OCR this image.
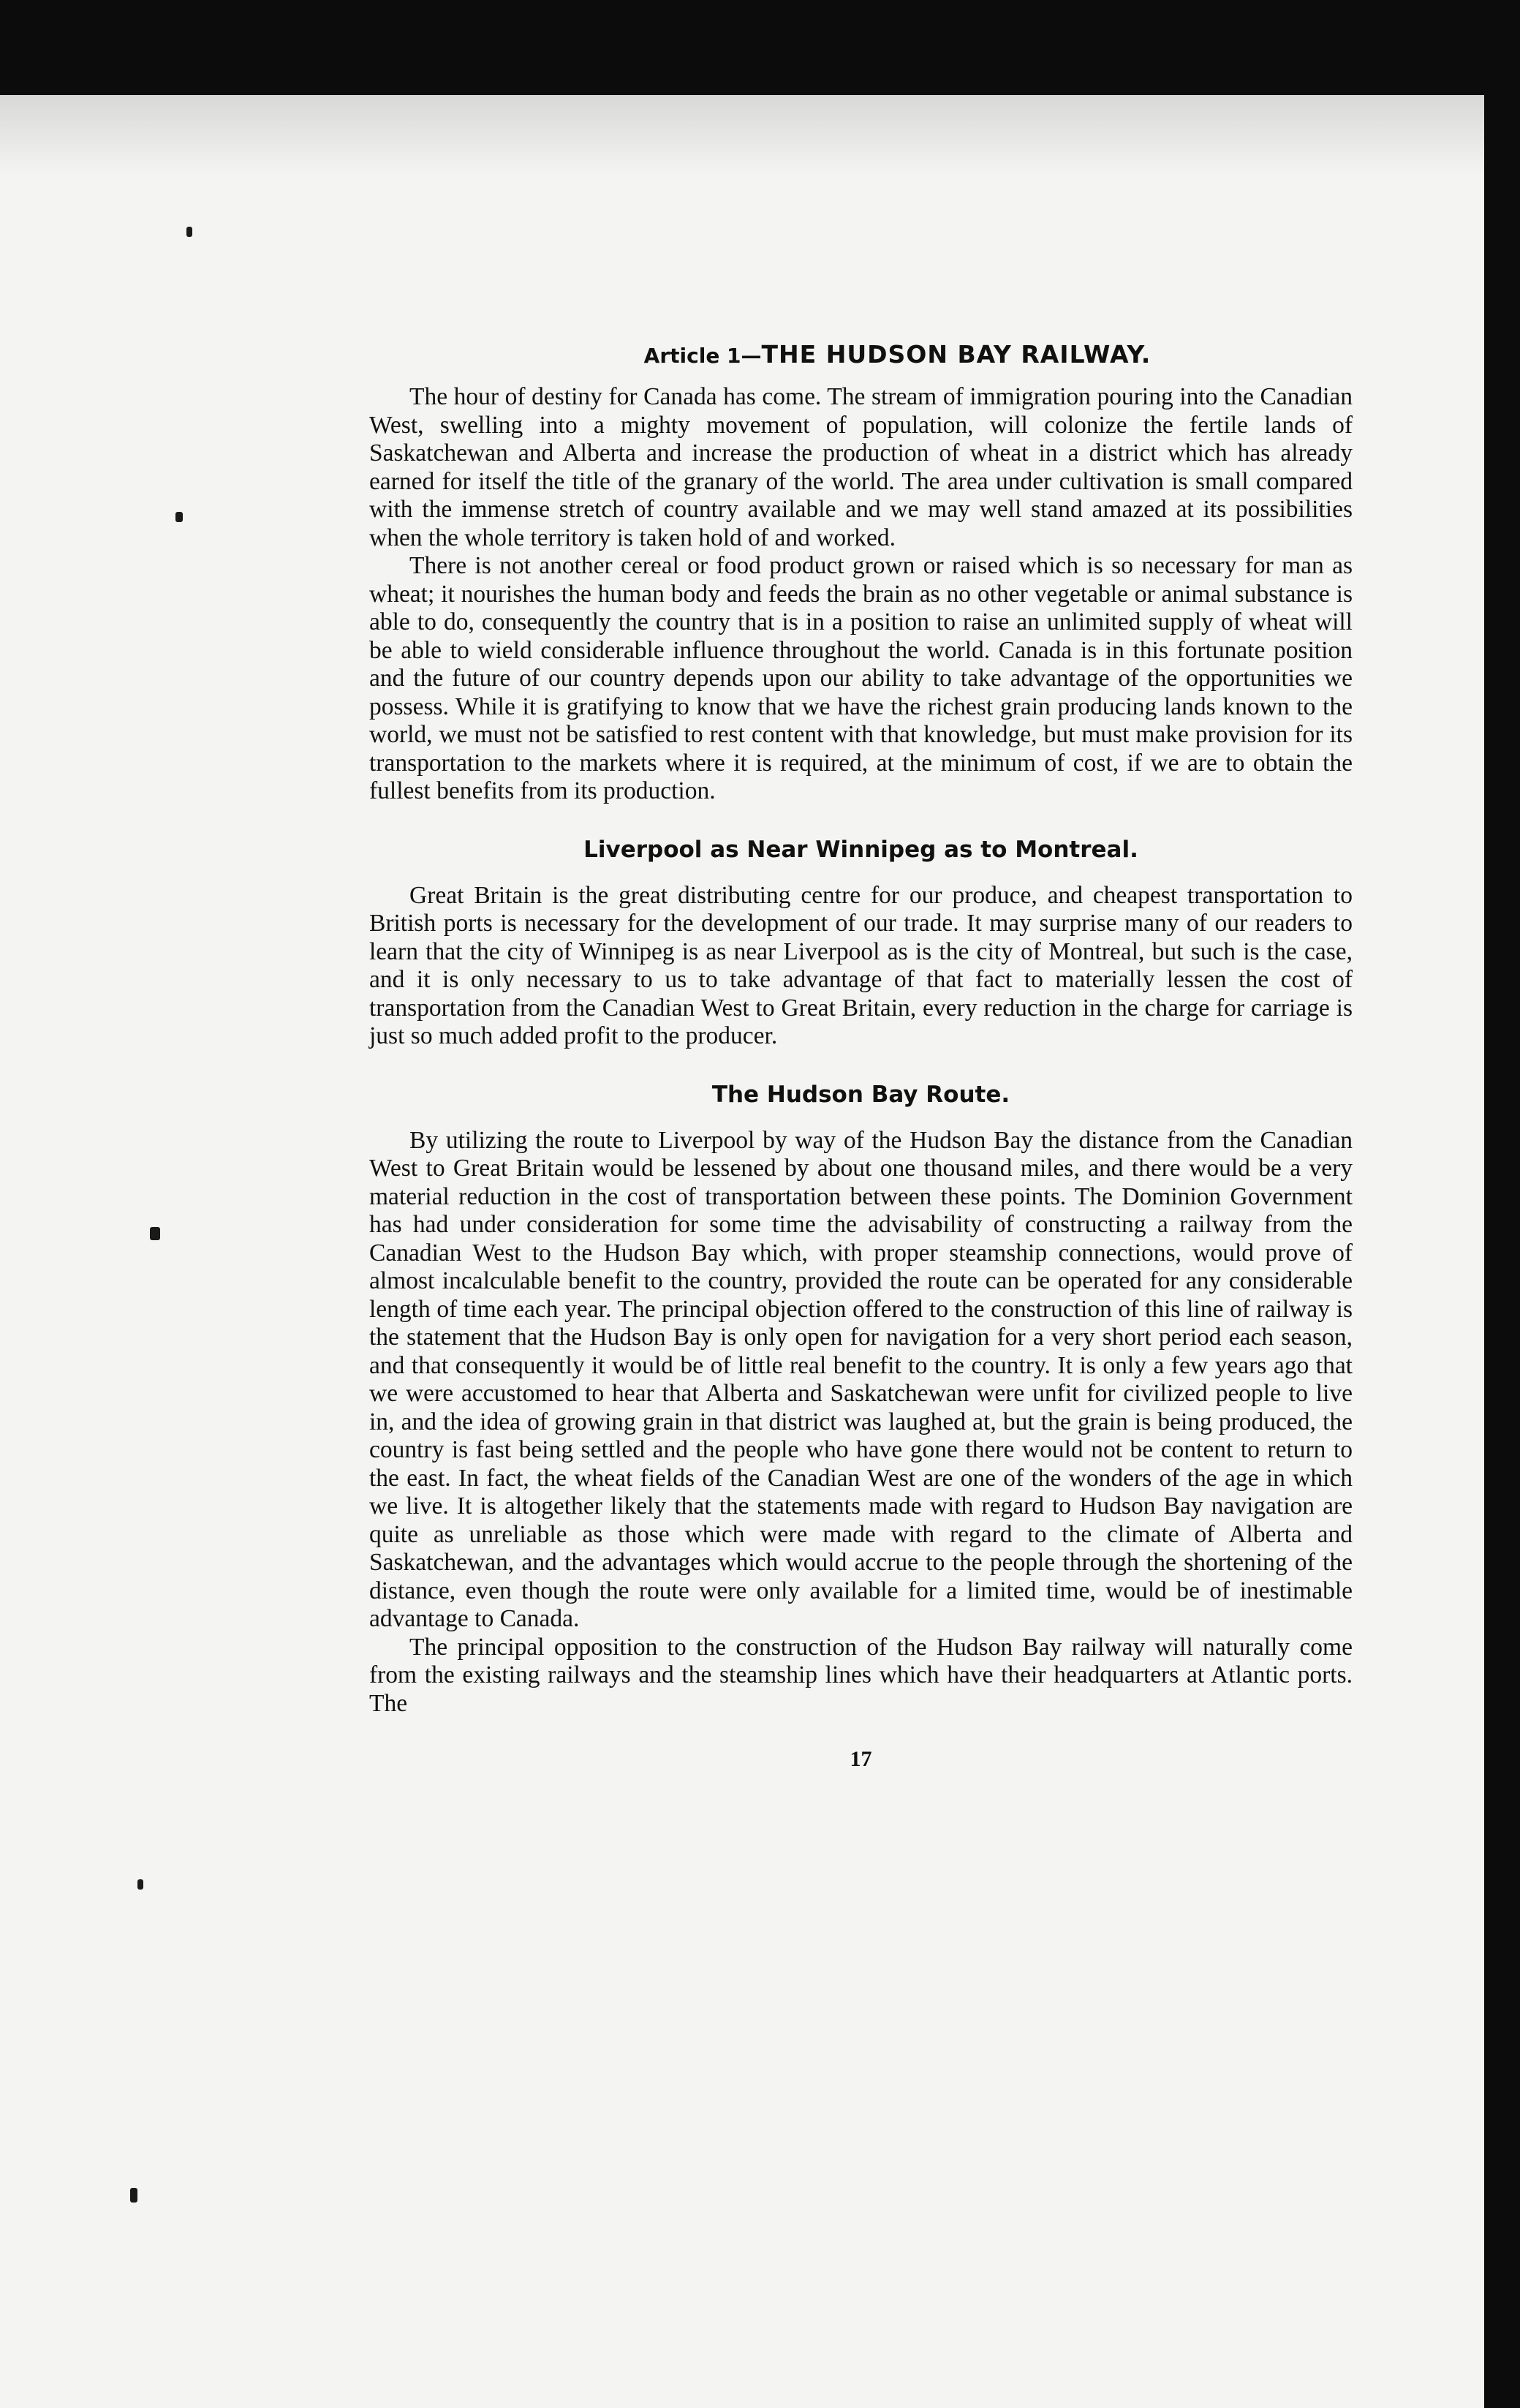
Article 1—THE HUDSON BAY RAILWAY.

The hour of destiny for Canada has come. The stream of immigration pouring into the Canadian West, swelling into a mighty movement of population, will colonize the fertile lands of Saskatchewan and Alberta and increase the production of wheat in a district which has already earned for itself the title of the granary of the world. The area under cultivation is small compared with the immense stretch of country available and we may well stand amazed at its possibilities when the whole territory is taken hold of and worked.

There is not another cereal or food product grown or raised which is so necessary for man as wheat; it nourishes the human body and feeds the brain as no other vegetable or animal substance is able to do, consequently the country that is in a position to raise an unlimited supply of wheat will be able to wield considerable influence throughout the world. Canada is in this fortunate position and the future of our country depends upon our ability to take advantage of the opportunities we possess. While it is gratifying to know that we have the richest grain producing lands known to the world, we must not be satisfied to rest content with that knowledge, but must make provision for its transportation to the markets where it is required, at the minimum of cost, if we are to obtain the fullest benefits from its production.

Liverpool as Near Winnipeg as to Montreal.

Great Britain is the great distributing centre for our produce, and cheapest transportation to British ports is necessary for the development of our trade. It may surprise many of our readers to learn that the city of Winnipeg is as near Liverpool as is the city of Montreal, but such is the case, and it is only necessary to us to take advantage of that fact to materially lessen the cost of transportation from the Canadian West to Great Britain, every reduction in the charge for carriage is just so much added profit to the producer.

The Hudson Bay Route.

By utilizing the route to Liverpool by way of the Hudson Bay the distance from the Canadian West to Great Britain would be lessened by about one thousand miles, and there would be a very material reduction in the cost of transportation between these points. The Dominion Government has had under consideration for some time the advisability of constructing a railway from the Canadian West to the Hudson Bay which, with proper steamship connections, would prove of almost incalculable benefit to the country, provided the route can be operated for any considerable length of time each year. The principal objection offered to the construction of this line of railway is the statement that the Hudson Bay is only open for navigation for a very short period each season, and that consequently it would be of little real benefit to the country. It is only a few years ago that we were accustomed to hear that Alberta and Saskatchewan were unfit for civilized people to live in, and the idea of growing grain in that district was laughed at, but the grain is being produced, the country is fast being settled and the people who have gone there would not be content to return to the east. In fact, the wheat fields of the Canadian West are one of the wonders of the age in which we live. It is altogether likely that the statements made with regard to Hudson Bay navigation are quite as unreliable as those which were made with regard to the climate of Alberta and Saskatchewan, and the advantages which would accrue to the people through the shortening of the distance, even though the route were only available for a limited time, would be of inestimable advantage to Canada.

The principal opposition to the construction of the Hudson Bay railway will naturally come from the existing railways and the steamship lines which have their headquarters at Atlantic ports. The

17
